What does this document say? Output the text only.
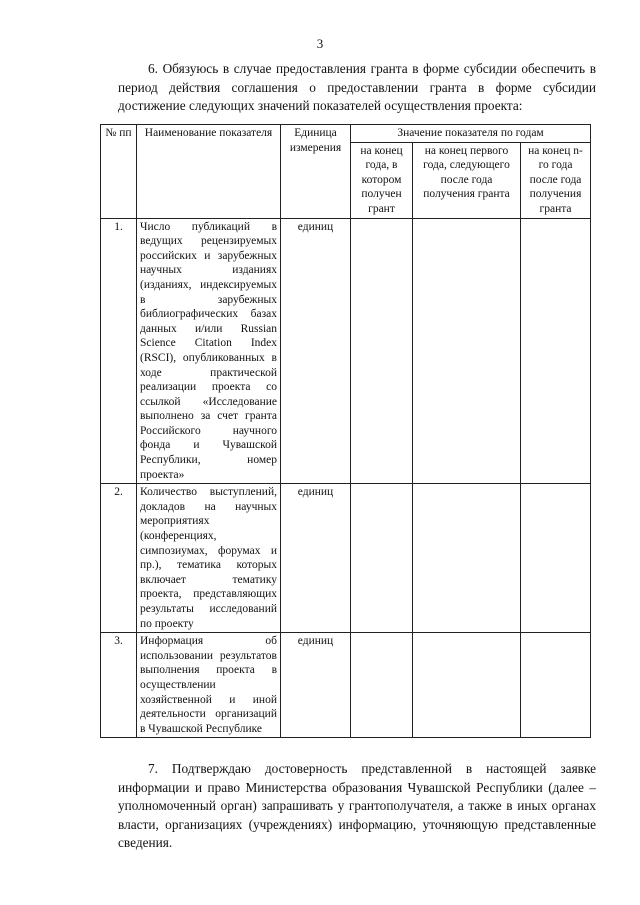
3

6. Обязуюсь в случае предоставления гранта в форме субсидии обеспечить в период действия соглашения о предоставлении гранта в форме субсидии достижение следующих значений показателей осуществления проекта:

№ пп	Наименование показателя	Единица измерения	Значение показателя по годам		
			на конец года, в котором получен грант	на конец первого года, следующего после года получения гранта	на конец n-го года после года получения гранта
1.	Число публикаций в ведущих рецензируемых российских и зарубежных научных изданиях (изданиях, индексируемых в зарубежных библиографических базах данных и/или Russian Science Citation Index (RSCI), опубликованных в ходе практической реализации проекта со ссылкой «Исследование выполнено за счет гранта Российского научного фонда и Чувашской Республики, номер проекта»	единиц			
2.	Количество выступлений, докладов на научных мероприятиях (конференциях, симпозиумах, форумах и пр.), тематика которых включает тематику проекта, представляющих результаты исследований по проекту	единиц			
3.	Информация об использовании результатов выполнения проекта в осуществлении хозяйственной и иной деятельности организаций в Чувашской Республике	единиц			

7. Подтверждаю достоверность представленной в настоящей заявке информации и право Министерства образования Чувашской Республики (далее – уполномоченный орган) запрашивать у грантополучателя, а также в иных органах власти, организациях (учреждениях) информацию, уточняющую представленные сведения.
